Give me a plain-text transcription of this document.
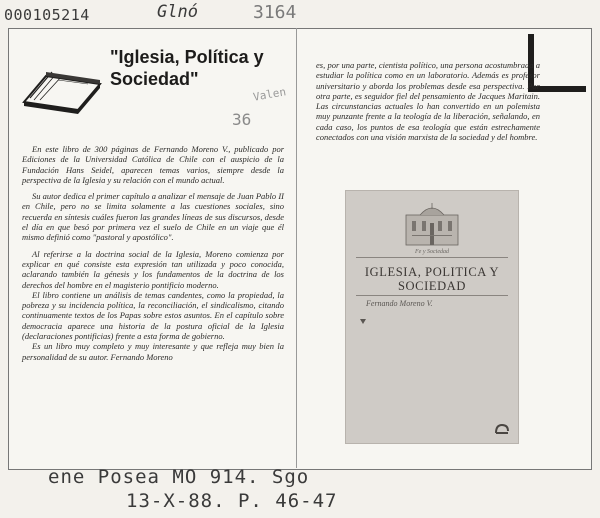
000105214	Glnó	3164
"Iglesia, Política y Sociedad"

En este libro de 300 páginas de Fernando Moreno V., publicado por Ediciones de la Universidad Católica de Chile con el auspicio de la Fundación Hans Seidel, aparecen temas varios, siempre desde la perspectiva de la Iglesia y su relación con el mundo actual.

Su autor dedica el primer capítulo a analizar el mensaje de Juan Pablo II en Chile, pero no se limita solamente a las cuestiones sociales, sino recuerda en síntesis cuáles fueron las grandes líneas de sus discursos, desde el día en que besó por primera vez el suelo de Chile en un viaje que él mismo definió como "pastoral y apostólico".

Al referirse a la doctrina social de la Iglesia, Moreno comienza por explicar en qué consiste esta expresión tan utilizada y poco conocida, aclarando también la génesis y los fundamentos de la doctrina de los derechos del hombre en el magisterio pontificio moderno.

El libro contiene un análisis de temas candentes, como la propiedad, la pobreza y su incidencia política, la reconciliación, el sindicalismo, citando continuamente textos de los Papas sobre estos asuntos. En el capítulo sobre democracia aparece una historia de la postura oficial de la Iglesia (declaraciones pontificias) frente a esta forma de gobierno.

Es un libro muy completo y muy interesante y que refleja muy bien la personalidad de su autor. Fernando Moreno

es, por una parte, cientista político, una persona acostumbrada a estudiar la política como en un laboratorio. Además es profesor universitario y aborda los problemas desde esa perspectiva. Por otra parte, es seguidor fiel del pensamiento de Jacques Maritain. Las circunstancias actuales lo han convertido en un polemista muy punzante frente a la teología de la liberación, señalando, en cada caso, los puntos de esa teología que están estrechamente conectados con una visión marxista de la sociedad y del hombre.

Valen
36
Fe y Sociedad
IGLESIA, POLITICA Y SOCIEDAD
Fernando Moreno V.
ene Posea MO 914. Sgo
13-X-88. P. 46-47
